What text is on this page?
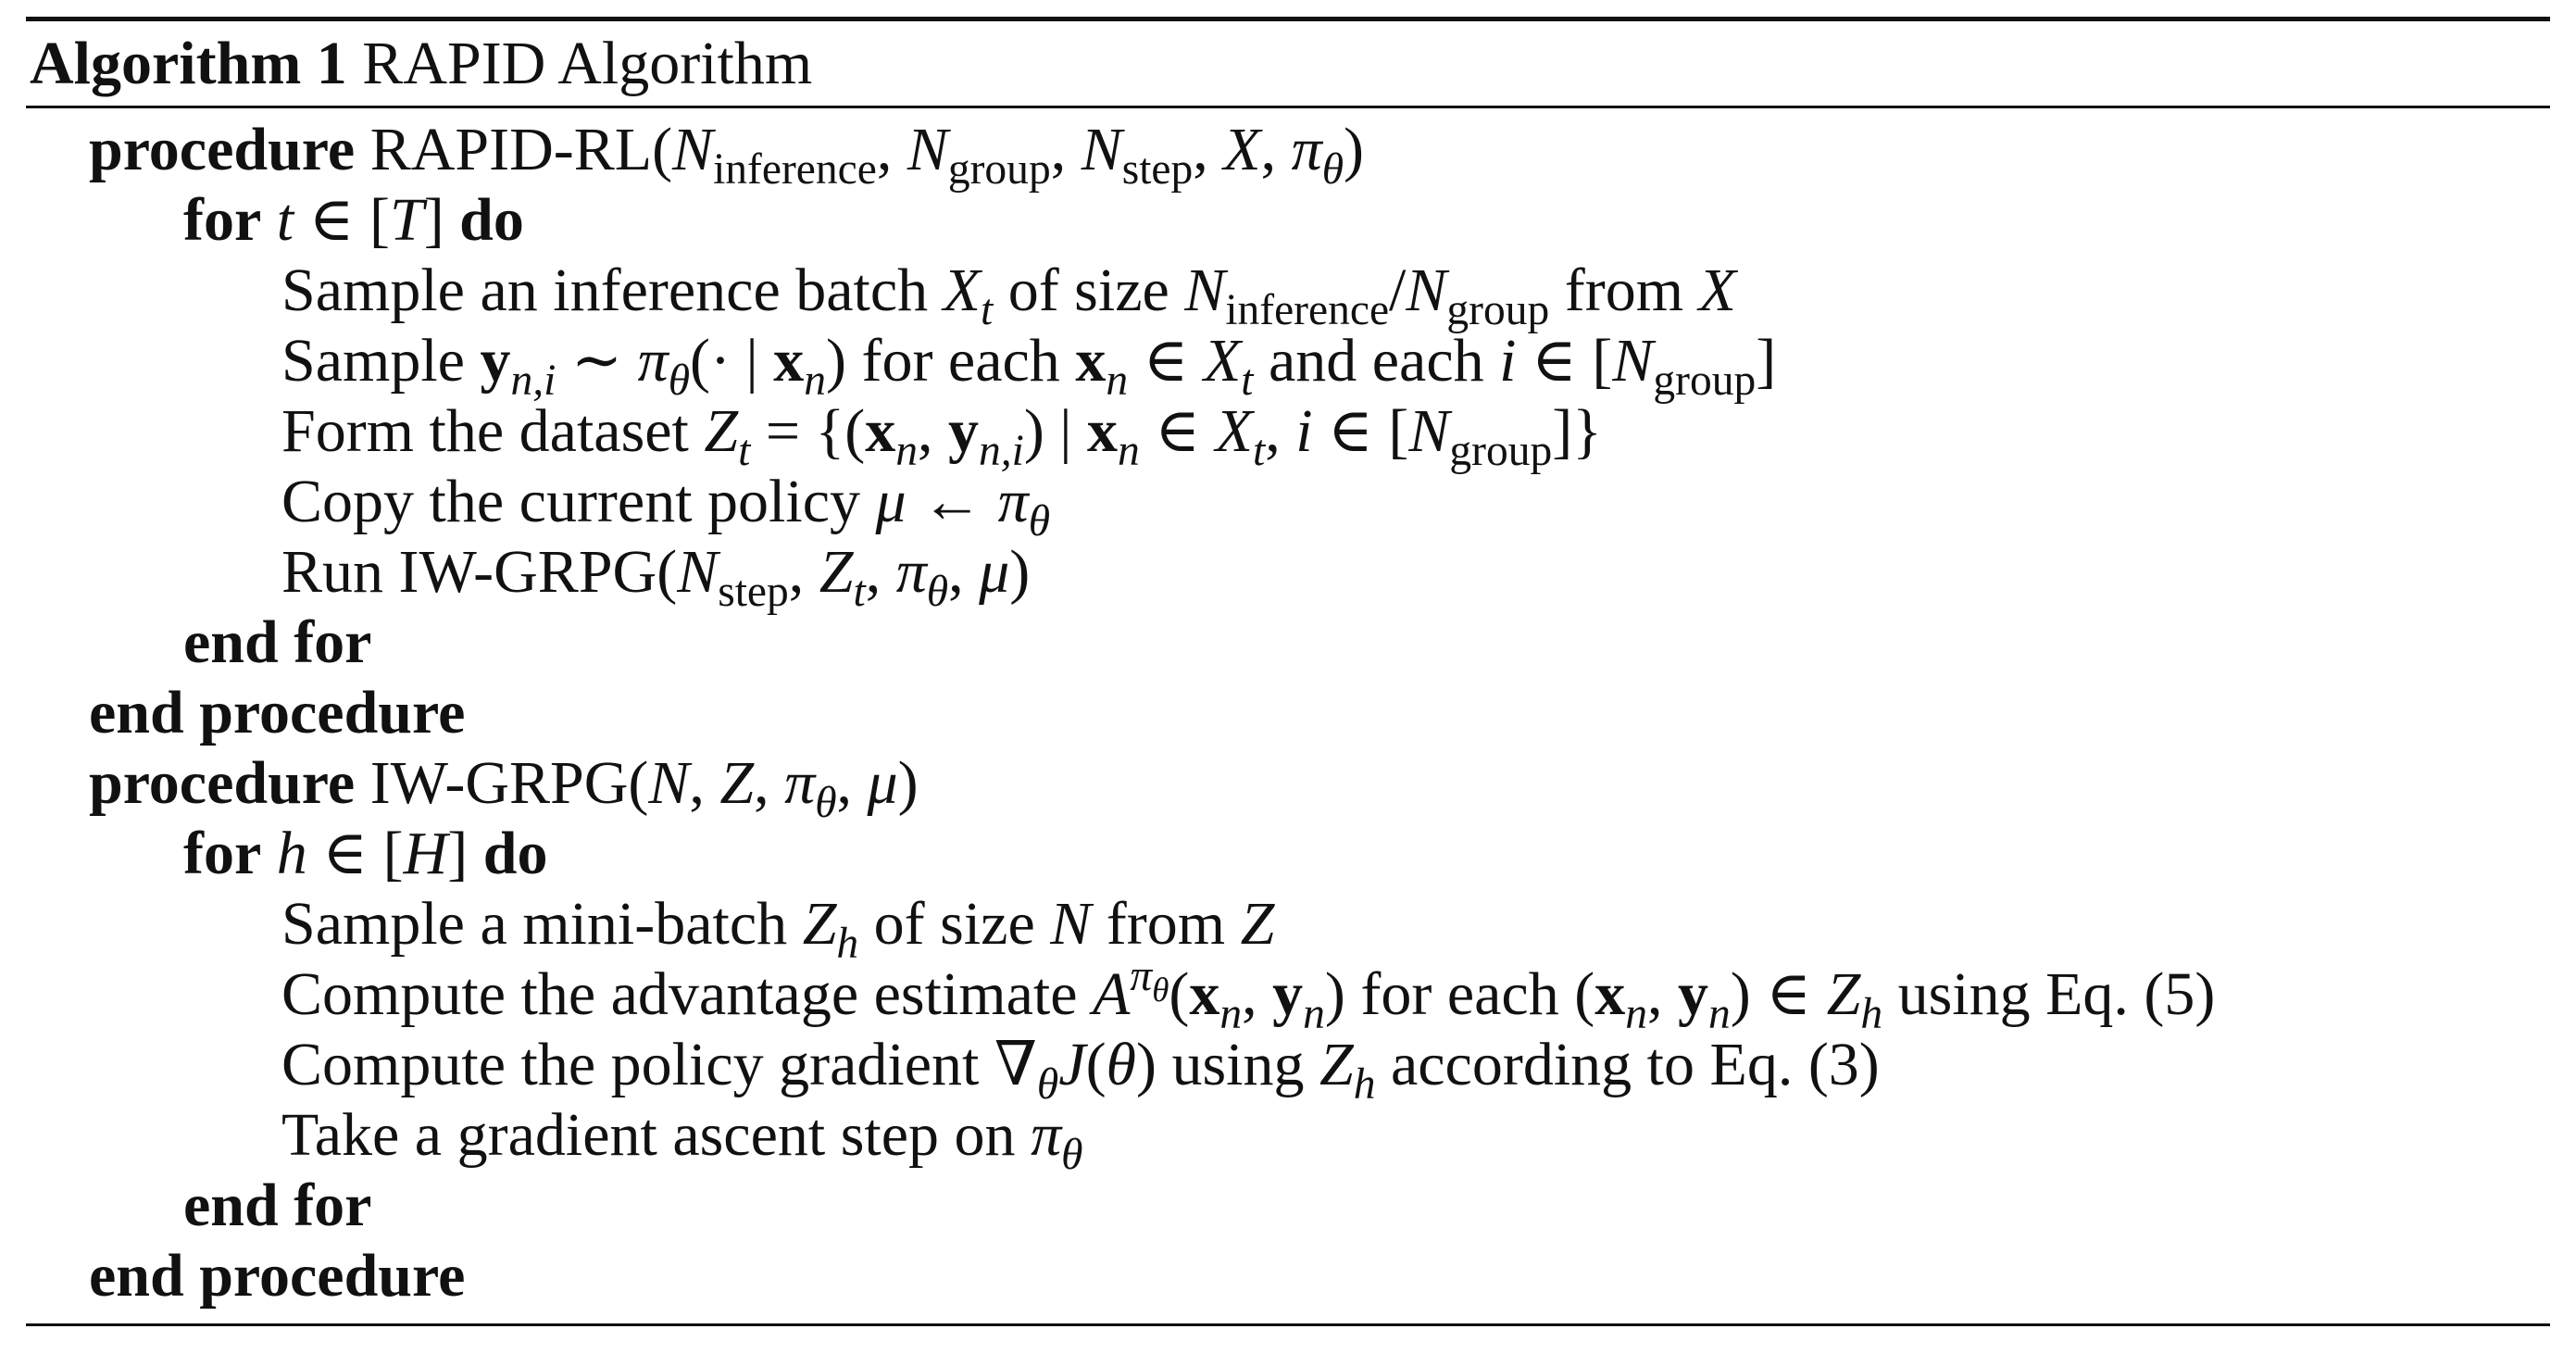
Algorithm 1 RAPID Algorithm
procedure RAPID-$RL(N_{inference}$, $N_{group}$, $N_{step}$, X, $\pi_\theta$)
for t ∈ [T] do
Sample an inference batch $X_t$ of size $N_{inference}/N_{group}$ from X
Sample $y_{n,i}$ ∼ $\pi_\theta(\cdot$ | $x_n$) for each $x_n$ ∈ $X_t$ and each i ∈ $[N_{group}]$
Form the dataset $Z_t = \{(x_n$, $y_{n,i}$) | $x_n$ ∈ $X_t$, i ∈ $[N_{group}]$}
Copy the current policy μ ← $\pi_\theta$
Run $IW-GRPG(N_{step}$, $Z_t$, $\pi_\theta$, μ)
end for
end procedure
procedure IW-GRPG(N, Z, $\pi_\theta$, μ)
for h ∈ [H] do
Sample a mini-batch $Z_h$ of size N from Z
Compute the advantage estimate $A^{\pi_\theta}(x_n$, $y_n$) for each ($x_n$, $y_n$) ∈ $Z_h$ using Eq. (5)
Compute the policy gradient $\nabla_\theta J(\theta)$ using $Z_h$ according to Eq. (3)
Take a gradient ascent step on $\pi_\theta$
end for
end procedure
